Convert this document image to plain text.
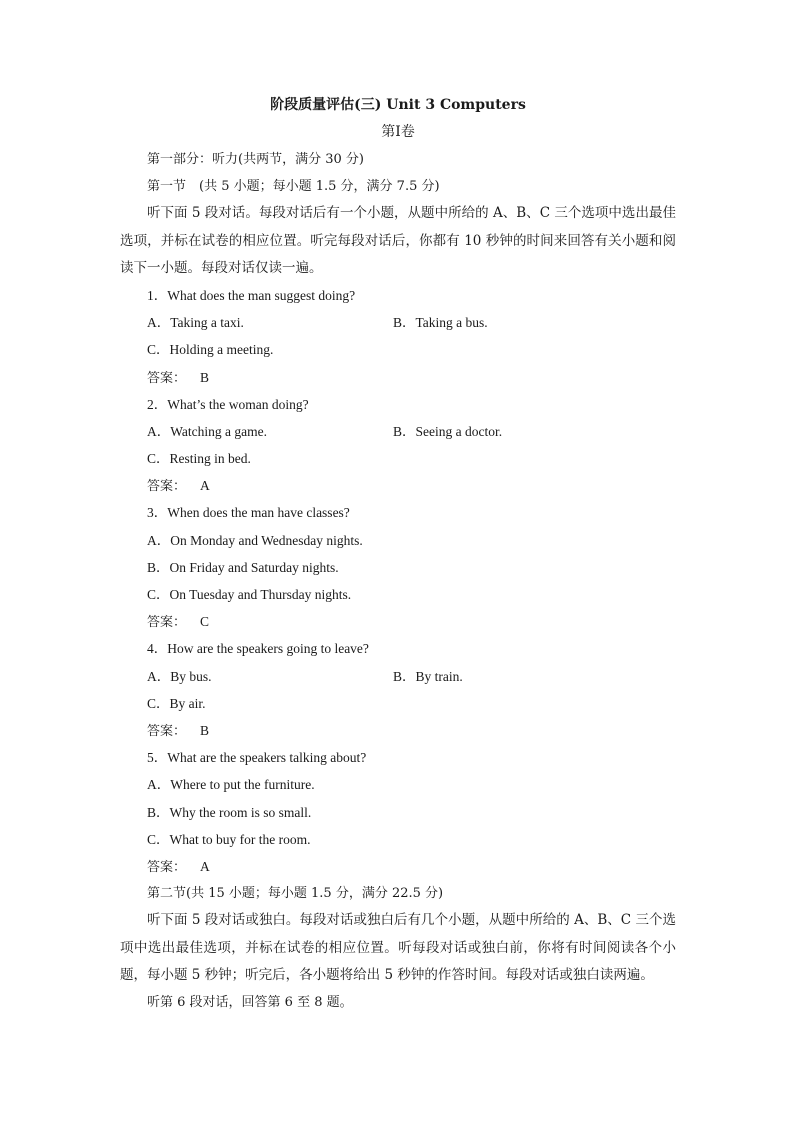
阶段质量评估(三) Unit 3 Computers
第Ⅰ卷
第一部分：听力(共两节，满分 30 分)
第一节　(共 5 小题；每小题 1.5 分，满分 7.5 分)
听下面 5 段对话。每段对话后有一个小题，从题中所给的 A、B、C 三个选项中选出最佳选项，并标在试卷的相应位置。听完每段对话后，你都有 10 秒钟的时间来回答有关小题和阅读下一小题。每段对话仅读一遍。
1．What does the man suggest doing?
A．Taking a taxi.	B．Taking a bus.
C．Holding a meeting.
答案： B
2．What’s the woman doing?
A．Watching a game.	B．Seeing a doctor.
C．Resting in bed.
答案： A
3．When does the man have classes?
A．On Monday and Wednesday nights.
B．On Friday and Saturday nights.
C．On Tuesday and Thursday nights.
答案： C
4．How are the speakers going to leave?
A．By bus.	B．By train.
C．By air.
答案： B
5．What are the speakers talking about?
A．Where to put the furniture.
B．Why the room is so small.
C．What to buy for the room.
答案： A
第二节(共 15 小题；每小题 1.5 分，满分 22.5 分)
听下面 5 段对话或独白。每段对话或独白后有几个小题，从题中所给的 A、B、C 三个选项中选出最佳选项，并标在试卷的相应位置。听每段对话或独白前，你将有时间阅读各个小题，每小题 5 秒钟；听完后，各小题将给出 5 秒钟的作答时间。每段对话或独白读两遍。
听第 6 段对话，回答第 6 至 8 题。
